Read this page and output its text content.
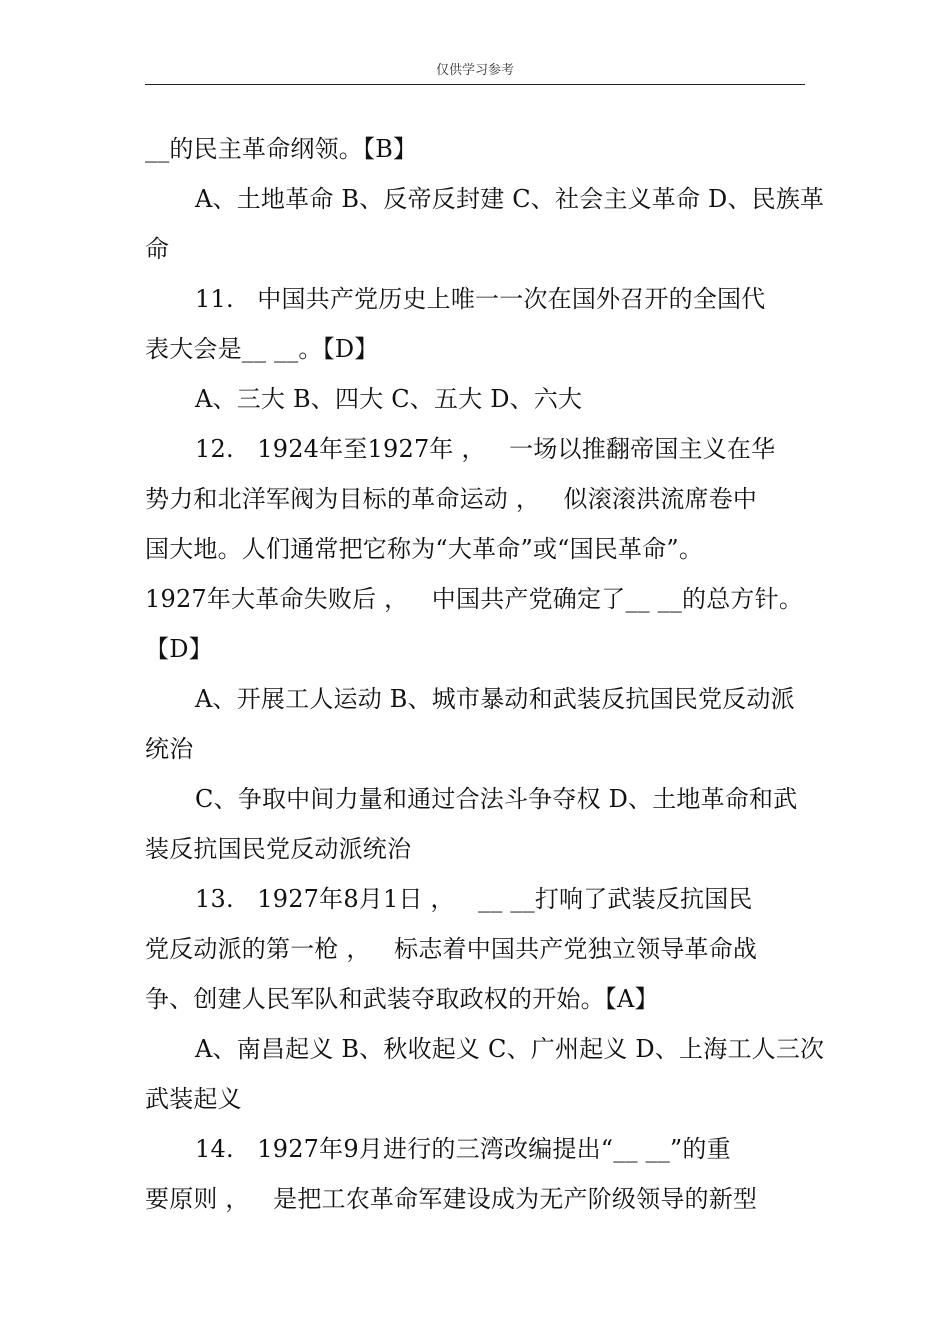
仅供学习参考
__的民主革命纲领。【B】
A、土地革命 B、反帝反封建 C、社会主义革命 D、民族革
命
11.   中国共产党历史上唯一一次在国外召开的全国代
表大会是__ __。【D】
A、三大 B、四大 C、五大 D、六大
12.   1924年至1927年 ，   一场以推翻帝国主义在华
势力和北洋军阀为目标的革命运动 ，   似滚滚洪流席卷中
国大地。人们通常把它称为“大革命”或“国民革命”。
1927年大革命失败后 ，   中国共产党确定了__ __的总方针。
【D】
A、开展工人运动 B、城市暴动和武装反抗国民党反动派
统治
C、争取中间力量和通过合法斗争夺权 D、土地革命和武
装反抗国民党反动派统治
13.   1927年8月1日 ，   __ __打响了武装反抗国民
党反动派的第一枪 ，   标志着中国共产党独立领导革命战
争、创建人民军队和武装夺取政权的开始。【A】
A、南昌起义 B、秋收起义 C、广州起义 D、上海工人三次
武装起义
14.   1927年9月进行的三湾改编提出“__ __”的重
要原则 ，   是把工农革命军建设成为无产阶级领导的新型
